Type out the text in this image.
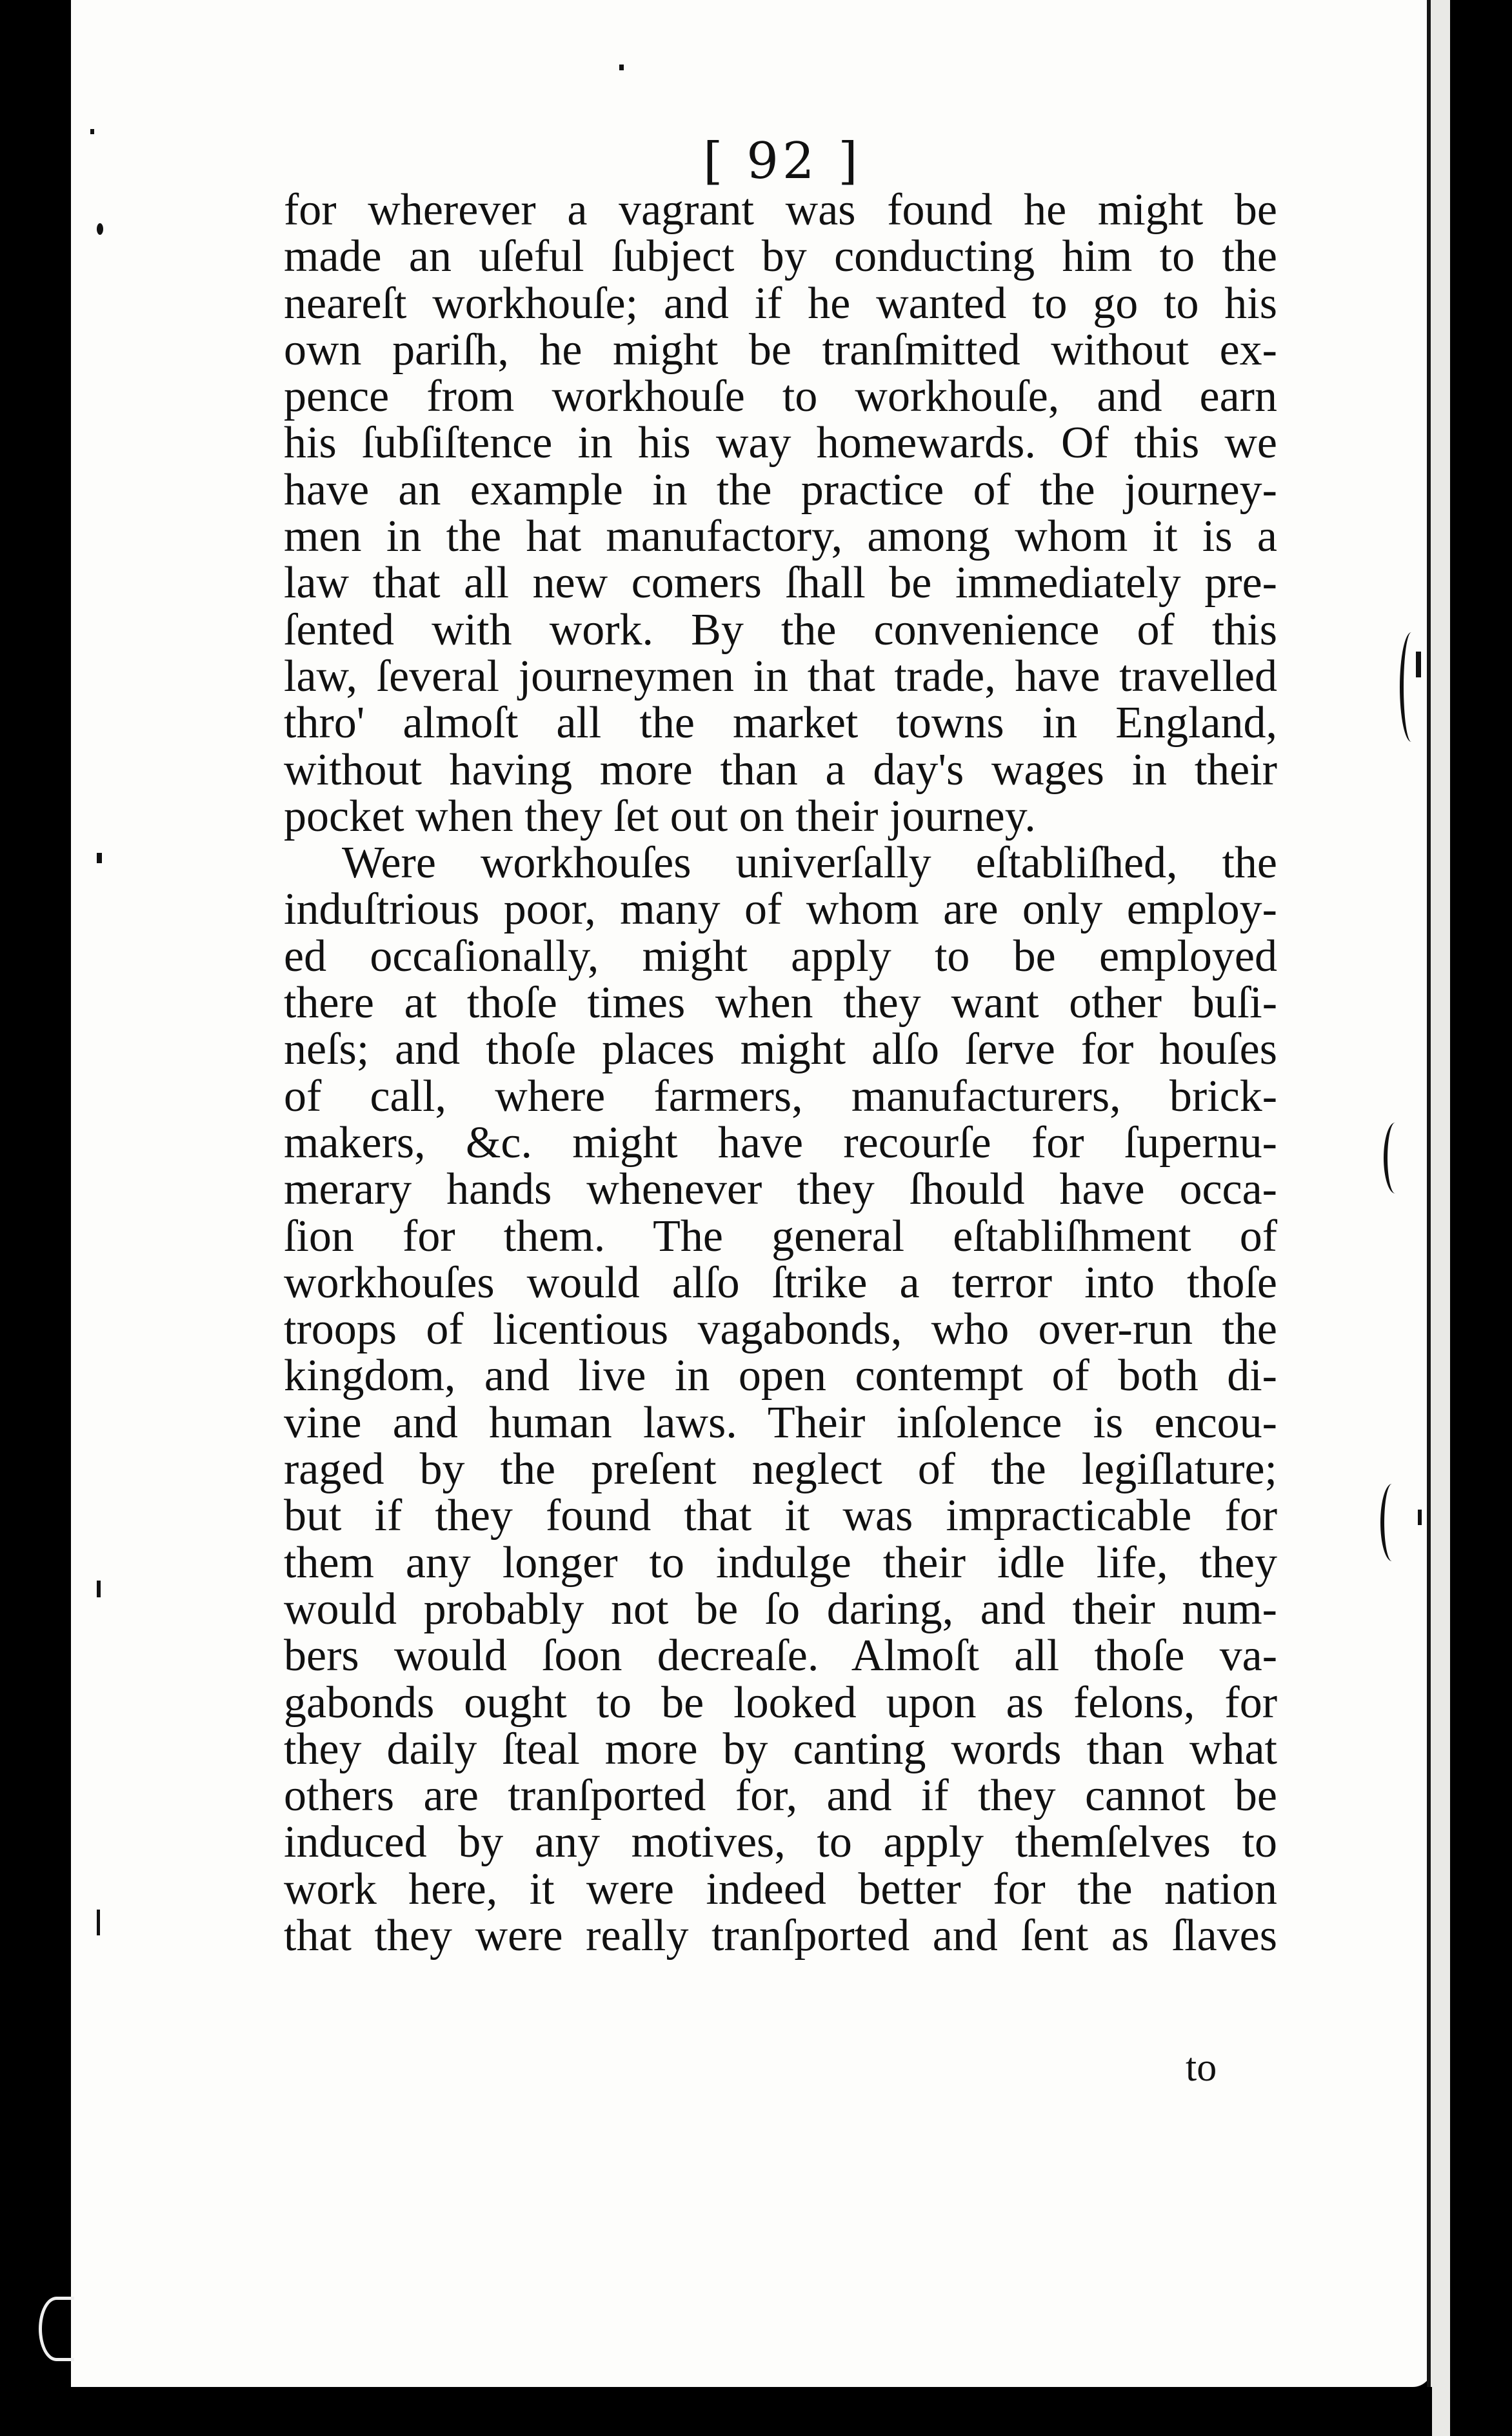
[ 92 ]
for wherever a vagrant was found he might be
made an uſeful ſubject by conducting him to the
neareſt workhouſe; and if he wanted to go to his
own pariſh, he might be tranſmitted without ex-
pence from workhouſe to workhouſe, and earn
his ſubſiſtence in his way homewards. Of this we
have an example in the practice of the journey-
men in the hat manufactory, among whom it is a
law that all new comers ſhall be immediately pre-
ſented with work. By the convenience of this
law, ſeveral journeymen in that trade, have travelled
thro' almoſt all the market towns in England,
without having more than a day's wages in their
pocket when they ſet out on their journey.
Were workhouſes univerſally eſtabliſhed, the
induſtrious poor, many of whom are only employ-
ed occaſionally, might apply to be employed
there at thoſe times when they want other buſi-
neſs; and thoſe places might alſo ſerve for houſes
of call, where farmers, manufacturers, brick-
makers, &c. might have recourſe for ſupernu-
merary hands whenever they ſhould have occa-
ſion for them. The general eſtabliſhment of
workhouſes would alſo ſtrike a terror into thoſe
troops of licentious vagabonds, who over-run the
kingdom, and live in open contempt of both di-
vine and human laws. Their inſolence is encou-
raged by the preſent neglect of the legiſlature;
but if they found that it was impracticable for
them any longer to indulge their idle life, they
would probably not be ſo daring, and their num-
bers would ſoon decreaſe. Almoſt all thoſe va-
gabonds ought to be looked upon as felons, for
they daily ſteal more by canting words than what
others are tranſported for, and if they cannot be
induced by any motives, to apply themſelves to
work here, it were indeed better for the nation
that they were really tranſported and ſent as ſlaves
to
